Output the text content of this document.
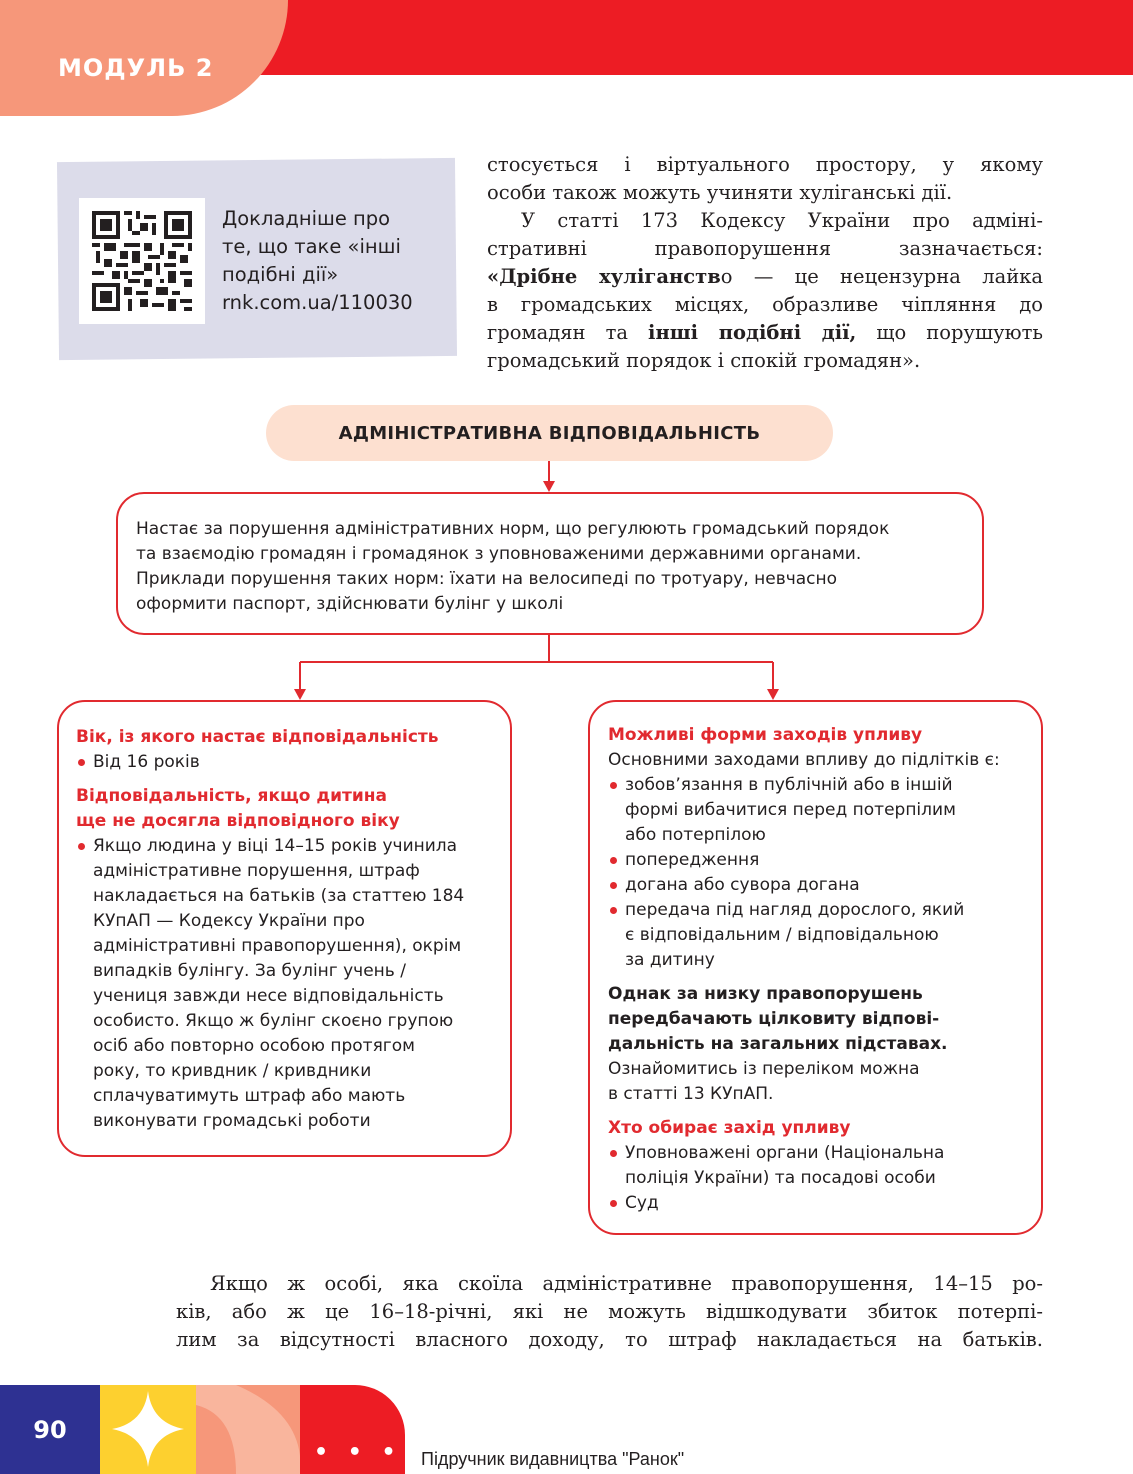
МОДУЛЬ 2
Докладніше про
те, що таке «інші
подібні дії»
rnk.com.ua/110030
стосується і віртуального простору, у якому
особи також можуть учиняти хуліганські дії.
У статті 173 Кодексу України про адміні-
стративні правопорушення зазначається:
«Дрібне хуліганство — це нецензурна лайка
в громадських місцях, образливе чіпляння до
громадян та інші подібні дії, що порушують
громадський порядок і спокій громадян».
АДМІНІСТРАТИВНА ВІДПОВІДАЛЬНІСТЬ
Настає за порушення адміністративних норм, що регулюють громадський порядок
та взаємодію громадян і громадянок з уповноваженими державними органами.
Приклади порушення таких норм: їхати на велосипеді по тротуару, невчасно
оформити паспорт, здійснювати булінг у школі
Вік, із якого настає відповідальність
Від 16 років
Відповідальність, якщо дитина
ще не досягла відповідного віку
Якщо людина у віці 14–15 років учинила
адміністративне порушення, штраф
накладається на батьків (за статтею 184
КУпАП — Кодексу України про
адміністративні правопорушення), окрім
випадків булінгу. За булінг учень /
учениця завжди несе відповідальність
особисто. Якщо ж булінг скоєно групою
осіб або повторно особою протягом
року, то кривдник / кривдники
сплачуватимуть штраф або мають
виконувати громадські роботи
Можливі форми заходів упливу
Основними заходами впливу до підлітків є:
зобов’язання в публічній або в іншій
формі вибачитися перед потерпілим
або потерпілою
попередження
догана або сувора догана
передача під нагляд дорослого, який
є відповідальним / відповідальною
за дитину
Однак за низку правопорушень
передбачають цілковиту відпові-
дальність на загальних підставах.
Ознайомитись із переліком можна
в статті 13 КУпАП.
Хто обирає захід упливу
Уповноважені органи (Національна
поліція України) та посадові особи
Суд
Якщо ж особі, яка скоїла адміністративне правопорушення, 14–15 ро-
ків, або ж це 16–18-річні, які не можуть відшкодувати збиток потерпі-
лим за відсутності власного доходу, то штраф накладається на батьків.
90
• • • •
Підручник видавництва "Ранок"
